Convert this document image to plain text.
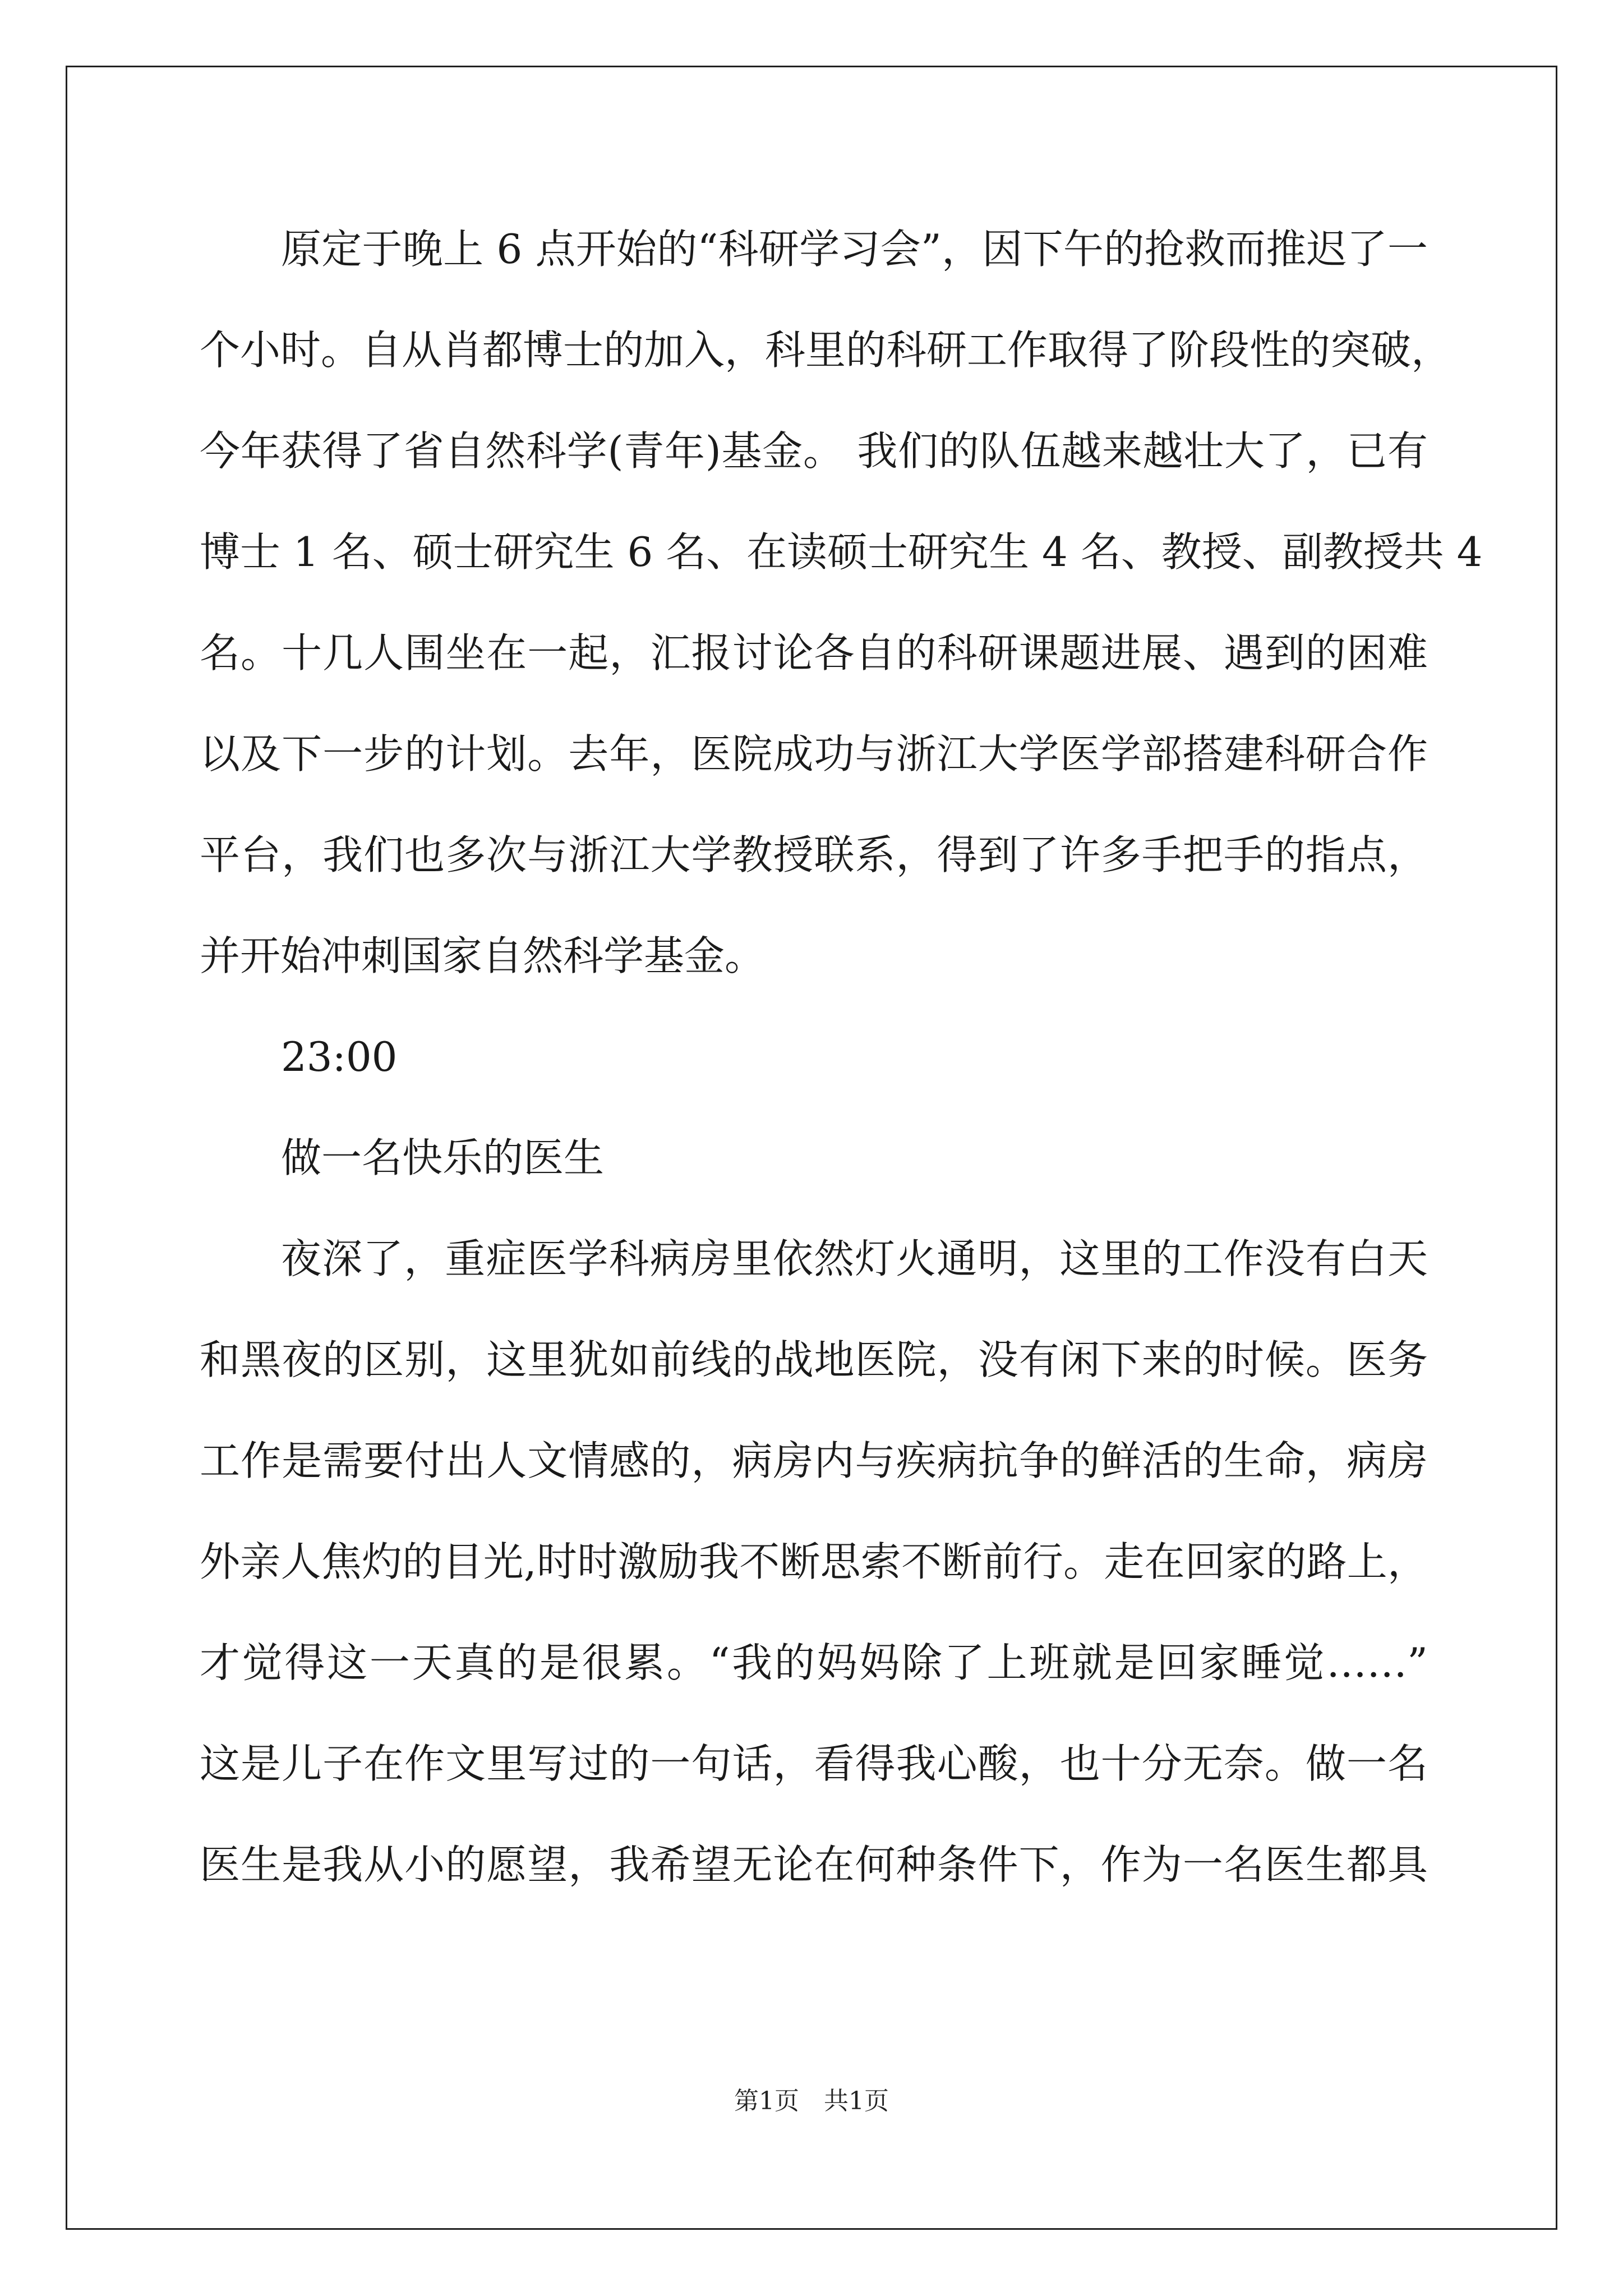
原定于晚上 6 点开始的“科研学习会”，因下午的抢救而推迟了一
个小时。自从肖都博士的加入，科里的科研工作取得了阶段性的突破，
今年获得了省自然科学(青年)基金。 我们的队伍越来越壮大了，已有
博士 1 名、硕士研究生 6 名、在读硕士研究生 4 名、教授、副教授共 4
名。十几人围坐在一起，汇报讨论各自的科研课题进展、遇到的困难
以及下一步的计划。去年，医院成功与浙江大学医学部搭建科研合作
平台，我们也多次与浙江大学教授联系，得到了许多手把手的指点，
并开始冲刺国家自然科学基金。
23:00
做一名快乐的医生
夜深了，重症医学科病房里依然灯火通明，这里的工作没有白天
和黑夜的区别，这里犹如前线的战地医院，没有闲下来的时候。医务
工作是需要付出人文情感的，病房内与疾病抗争的鲜活的生命，病房
外亲人焦灼的目光,时时激励我不断思索不断前行。走在回家的路上，
才觉得这一天真的是很累。“我的妈妈除了上班就是回家睡觉……”
这是儿子在作文里写过的一句话，看得我心酸，也十分无奈。做一名
医生是我从小的愿望，我希望无论在何种条件下，作为一名医生都具
第1页　共1页
